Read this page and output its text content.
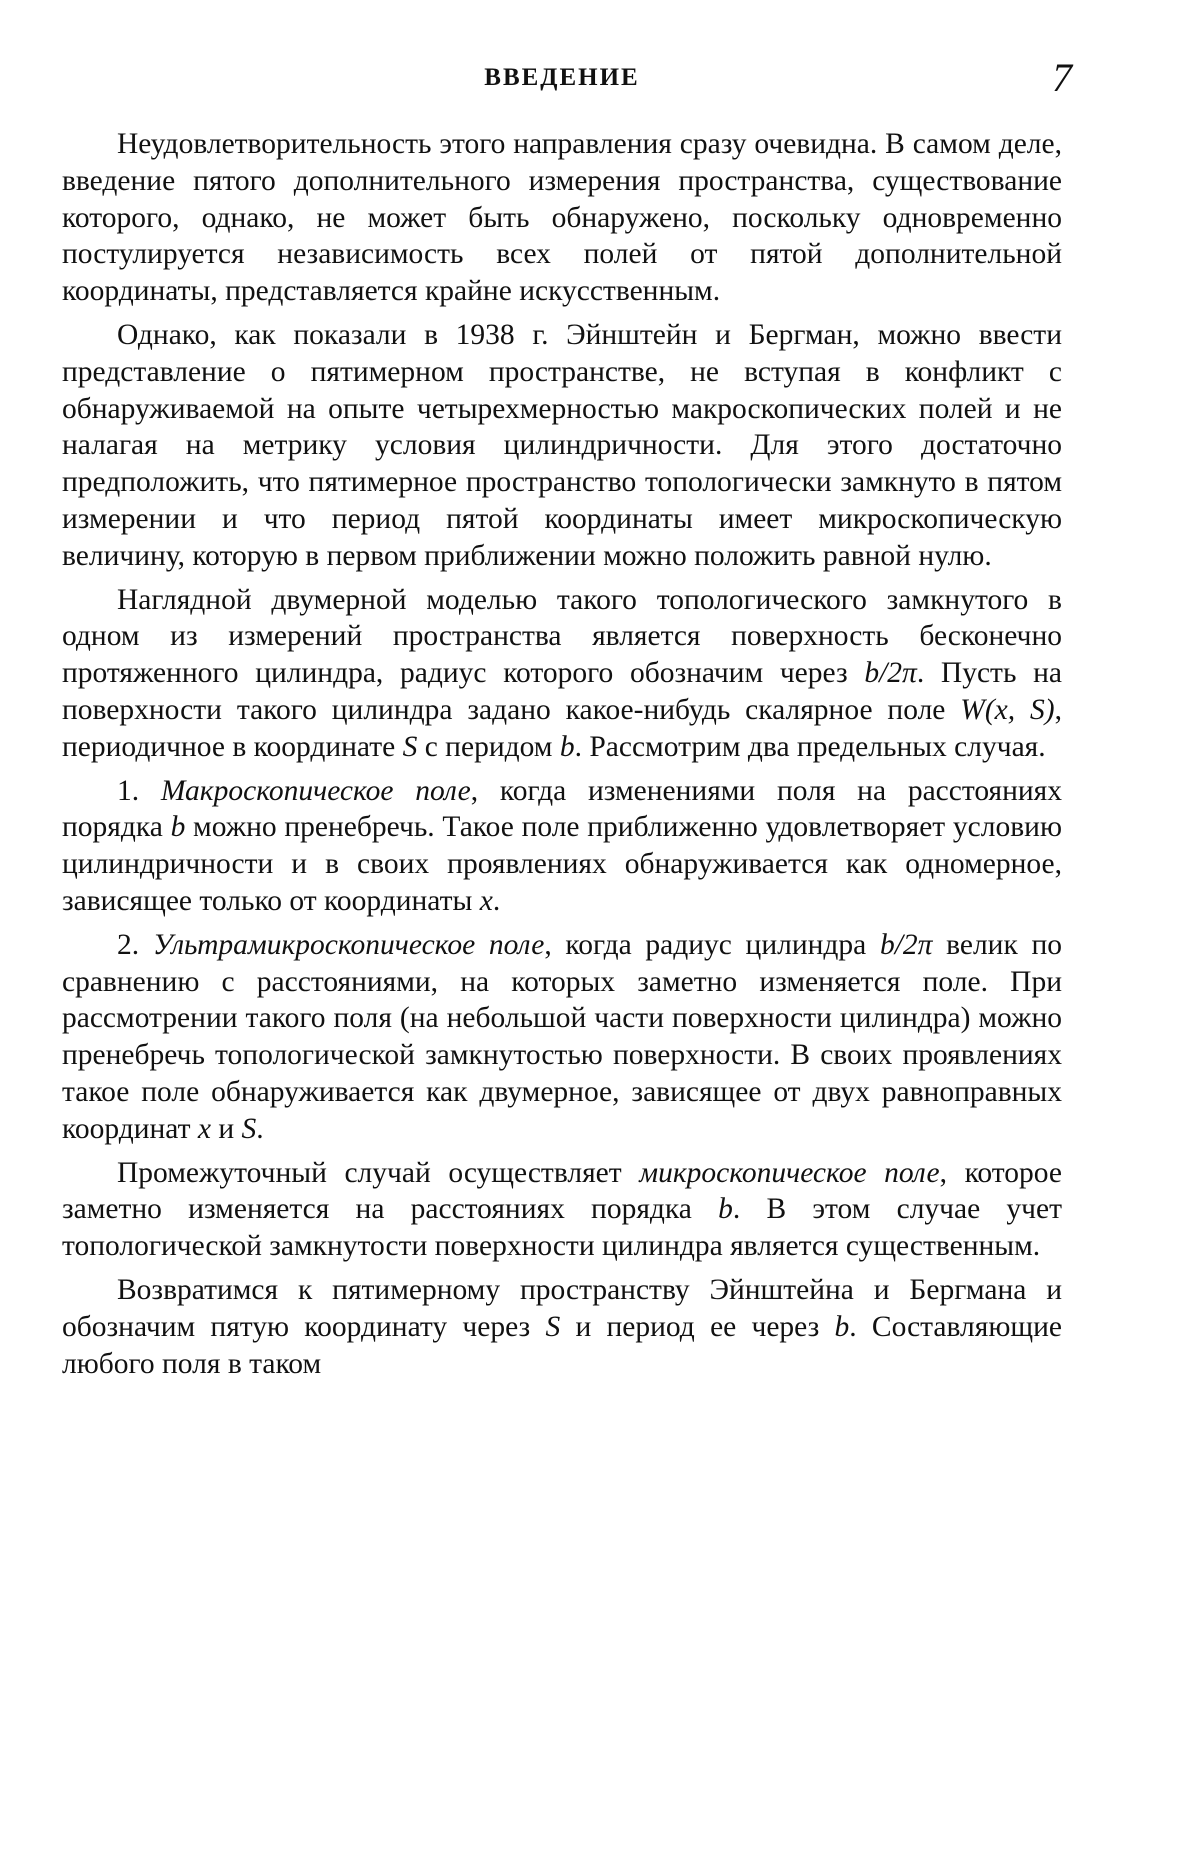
ВВЕДЕНИЕ	7

Неудовлетворительность этого направления сразу очевидна. В самом деле, введение пятого дополнительного измерения пространства, существование которого, однако, не может быть обнаружено, поскольку одновременно постулируется независимость всех полей от пятой дополнительной координаты, представляется крайне искусственным.

Однако, как показали в 1938 г. Эйнштейн и Бергман, можно ввести представление о пятимерном пространстве, не вступая в конфликт с обнаруживаемой на опыте четырехмерностью макроскопических полей и не налагая на метрику условия цилиндричности. Для этого достаточно предположить, что пятимерное пространство топологически замкнуто в пятом измерении и что период пятой координаты имеет микроскопическую величину, которую в первом приближении можно положить равной нулю.

Наглядной двумерной моделью такого топологического замкнутого в одном из измерений пространства является поверхность бесконечно протяженного цилиндра, радиус которого обозначим через b/2π. Пусть на поверхности такого цилиндра задано какое-нибудь скалярное поле W(x, S), периодичное в координате S с перидом b. Рассмотрим два предельных случая.

1. Макроскопическое поле, когда изменениями поля на расстояниях порядка b можно пренебречь. Такое поле приближенно удовлетворяет условию цилиндричности и в своих проявлениях обнаруживается как одномерное, зависящее только от координаты x.

2. Ультрамикроскопическое поле, когда радиус цилиндра b/2π велик по сравнению с расстояниями, на которых заметно изменяется поле. При рассмотрении такого поля (на небольшой части поверхности цилиндра) можно пренебречь топологической замкнутостью поверхности. В своих проявлениях такое поле обнаруживается как двумерное, зависящее от двух равноправных координат x и S.

Промежуточный случай осуществляет микроскопическое поле, которое заметно изменяется на расстояниях порядка b. В этом случае учет топологической замкнутости поверхности цилиндра является существенным.

Возвратимся к пятимерному пространству Эйнштейна и Бергмана и обозначим пятую координату через S и период ее через b. Составляющие любого поля в таком
